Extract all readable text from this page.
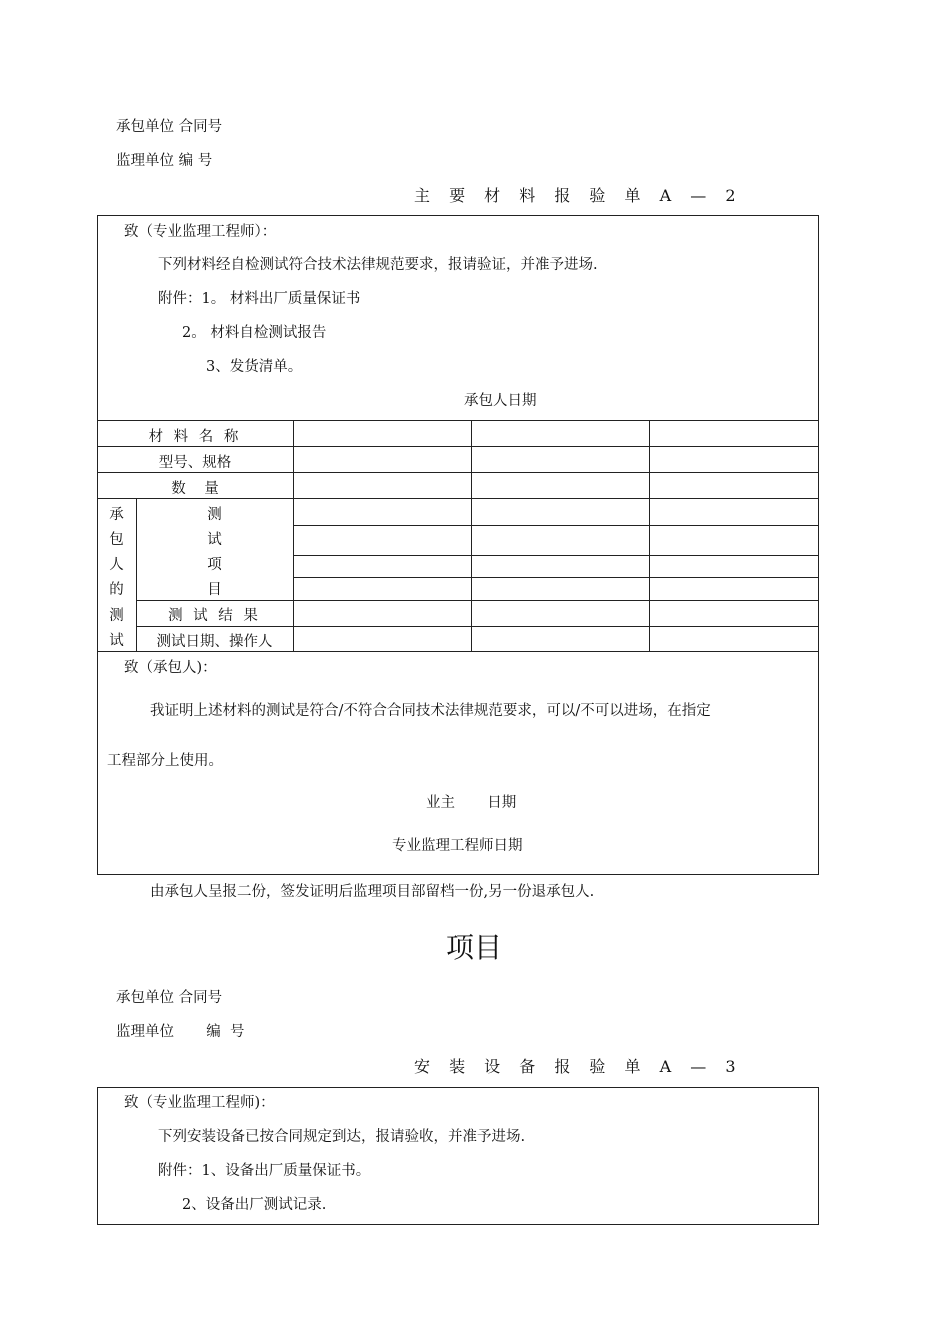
承包单位 合同号
监理单位 编 号
主 要 材 料 报 验 单 A — 2
致（专业监理工程师）：
下列材料经自检测试符合技术法律规范要求，报请验证，并准予进场.
附件：1。 材料出厂质量保证书
2。 材料自检测试报告
3、发货清单。
承包人日期
材 料 名 称
型号、规格
数    量
测
试
项
目
测 试 结 果
测试日期、操作人
承
包
人
的
测
试
致（承包人)：
我证明上述材料的测试是符合/不符合合同技术法律规范要求，可以/不可以进场，在指定
工程部分上使用。
业主       日期
专业监理工程师日期
由承包人呈报二份，签发证明后监理项目部留档一份,另一份退承包人.
项目
承包单位 合同号
监理单位       编  号
安 装 设 备 报 验 单 A — 3
致（专业监理工程师)：
下列安装设备已按合同规定到达，报请验收，并准予进场.
附件：1、设备出厂质量保证书。
2、设备出厂测试记录.
